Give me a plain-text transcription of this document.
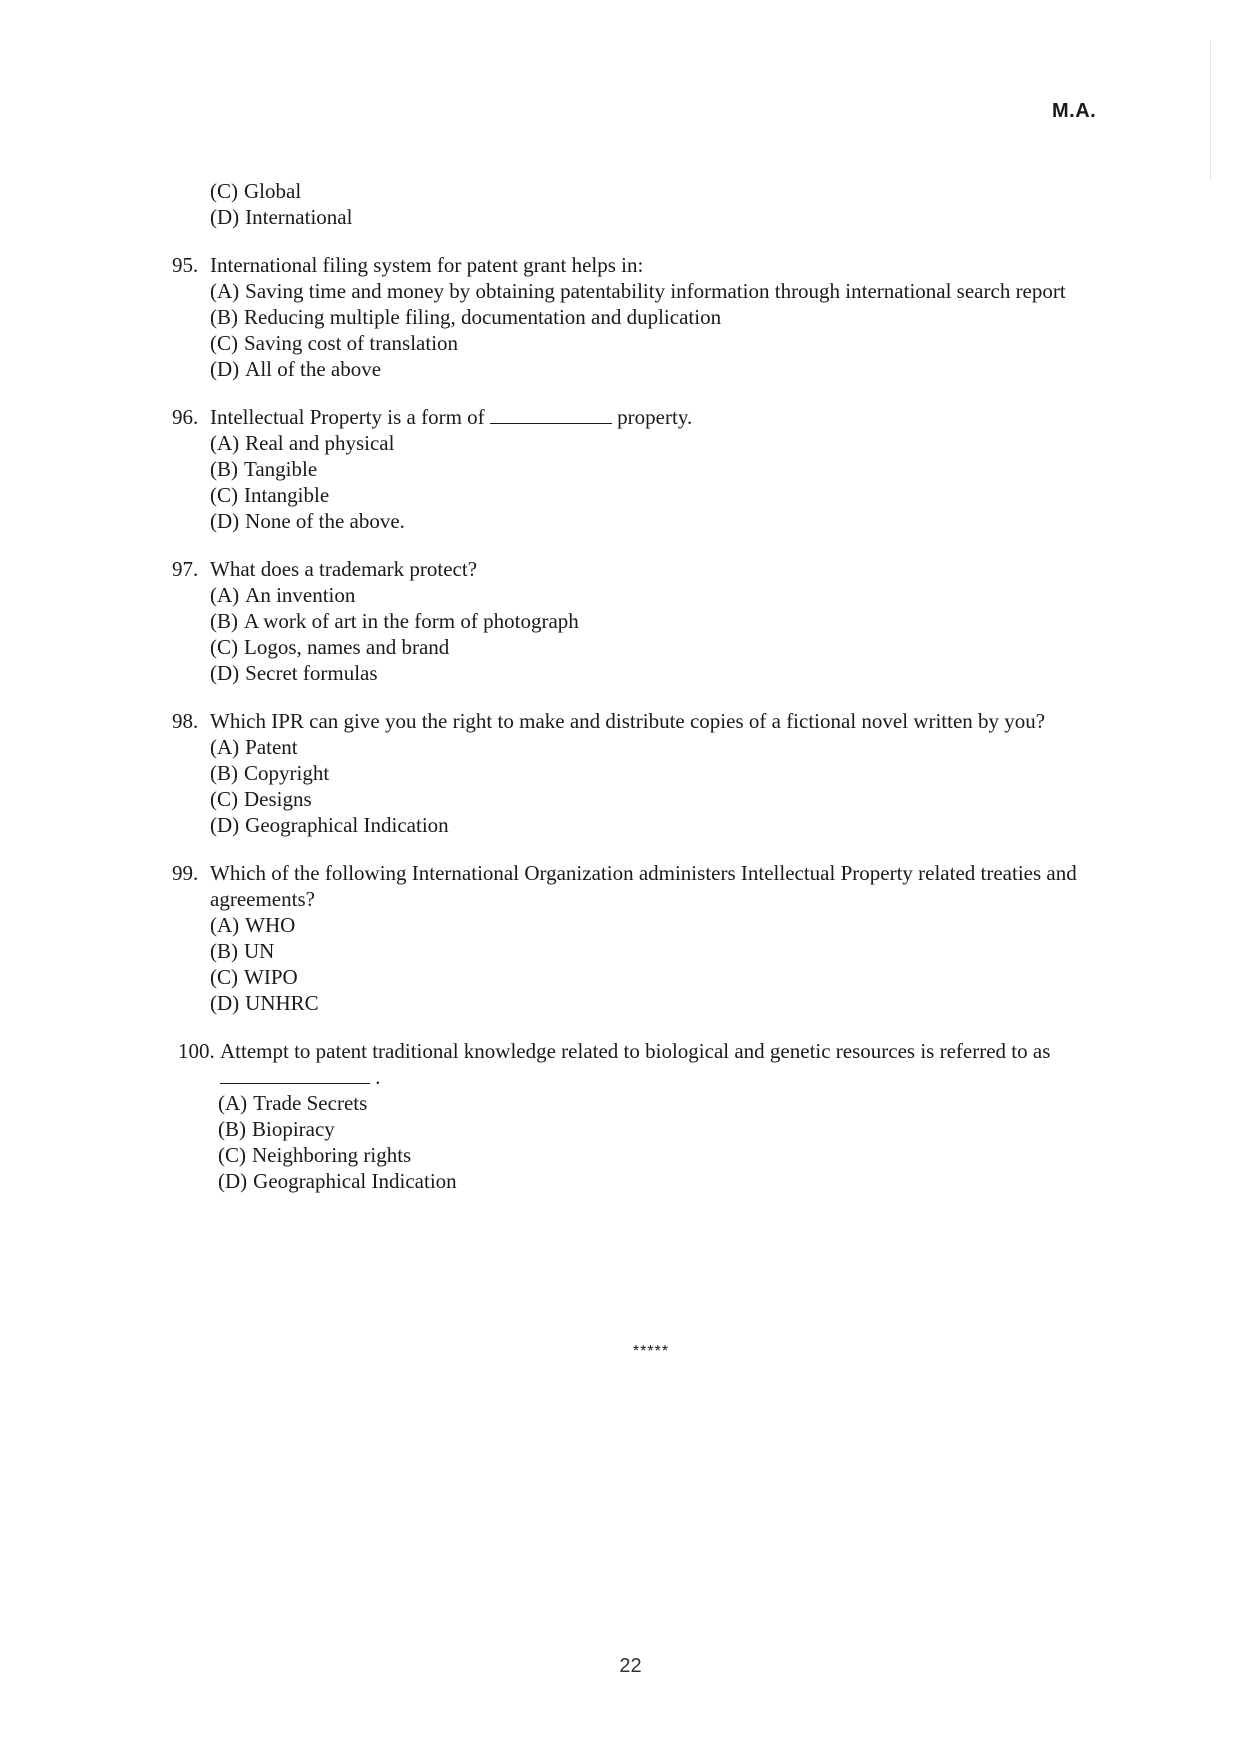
M.A.
(C) Global
(D) International
95. International filing system for patent grant helps in:
(A) Saving time and money by obtaining patentability information through international search report
(B) Reducing multiple filing, documentation and duplication
(C) Saving cost of translation
(D) All of the above
96. Intellectual Property is a form of	property.
(A) Real and physical
(B) Tangible
(C) Intangible
(D) None of the above.
97. What does a trademark protect?
(A) An invention
(B) A work of art in the form of photograph
(C) Logos, names and brand
(D) Secret formulas
98. Which IPR can give you the right to make and distribute copies of a fictional novel written by you?
(A) Patent
(B) Copyright
(C) Designs
(D) Geographical Indication
99. Which of the following International Organization administers Intellectual Property related treaties and agreements?
(A) WHO
(B) UN
(C) WIPO
(D) UNHRC
100. Attempt to patent traditional knowledge related to biological and genetic resources is referred to as  .
(A) Trade Secrets
(B) Biopiracy
(C) Neighboring rights
(D) Geographical Indication
*****
22
